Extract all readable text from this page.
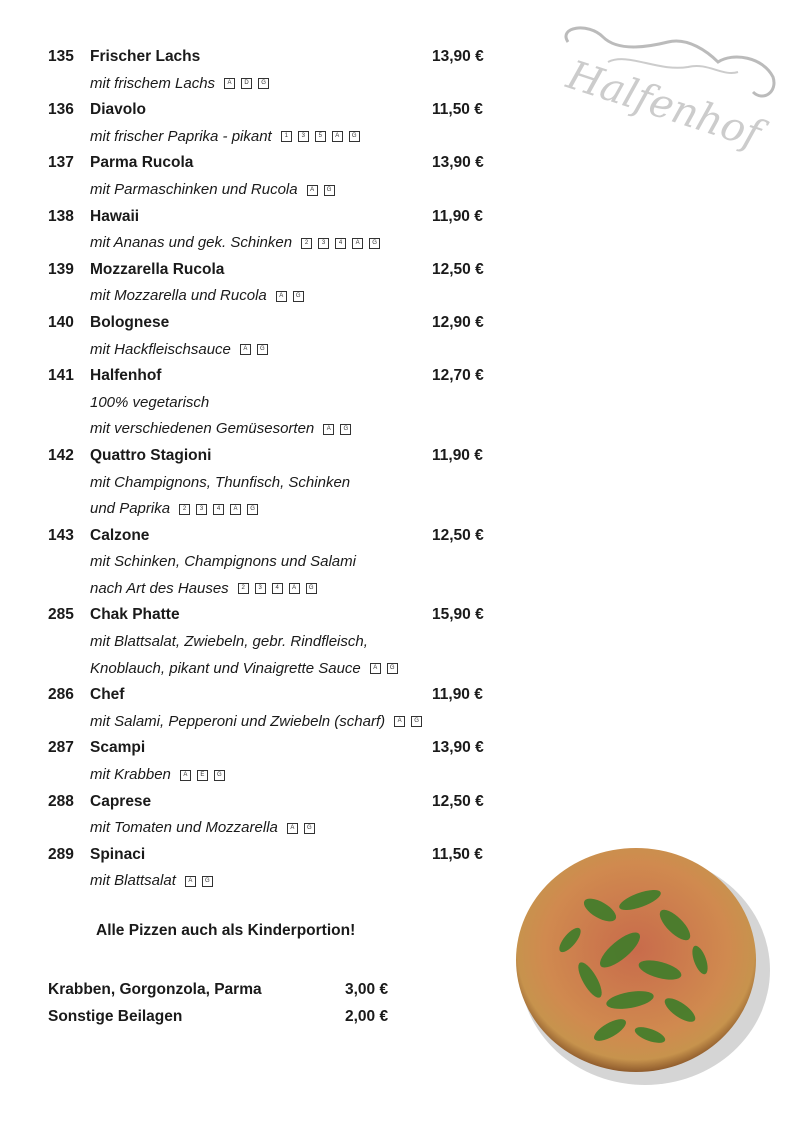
Halfenhof
135 Frischer Lachs	13,90 €
mit frischem Lachs A D G
136 Diavolo	11,50 €
mit frischer Paprika - pikant 1 3 5 A G
137 Parma Rucola	13,90 €
mit Parmaschinken und Rucola A G
138 Hawaii	11,90 €
mit Ananas und gek. Schinken 2 3 4 A G
139 Mozzarella Rucola	12,50 €
mit Mozzarella und Rucola A G
140 Bolognese	12,90 €
mit Hackfleischsauce A G
141 Halfenhof	12,70 €
100% vegetarisch
mit verschiedenen Gemüsesorten A G
142 Quattro Stagioni	11,90 €
mit Champignons, Thunfisch, Schinken
und Paprika 2 3 4 A G
143 Calzone	12,50 €
mit Schinken, Champignons und Salami
nach Art des Hauses 2 3 4 A G
285 Chak Phatte	15,90 €
mit Blattsalat, Zwiebeln, gebr. Rindfleisch,
Knoblauch, pikant und Vinaigrette Sauce A G
286 Chef	11,90 €
mit Salami, Pepperoni und Zwiebeln (scharf) A G
287 Scampi	13,90 €
mit Krabben A E G
288 Caprese	12,50 €
mit Tomaten und Mozzarella A G
289 Spinaci	11,50 €
mit Blattsalat A G
Alle Pizzen auch als Kinderportion!
Krabben, Gorgonzola, Parma	3,00 €
Sonstige Beilagen	2,00 €
